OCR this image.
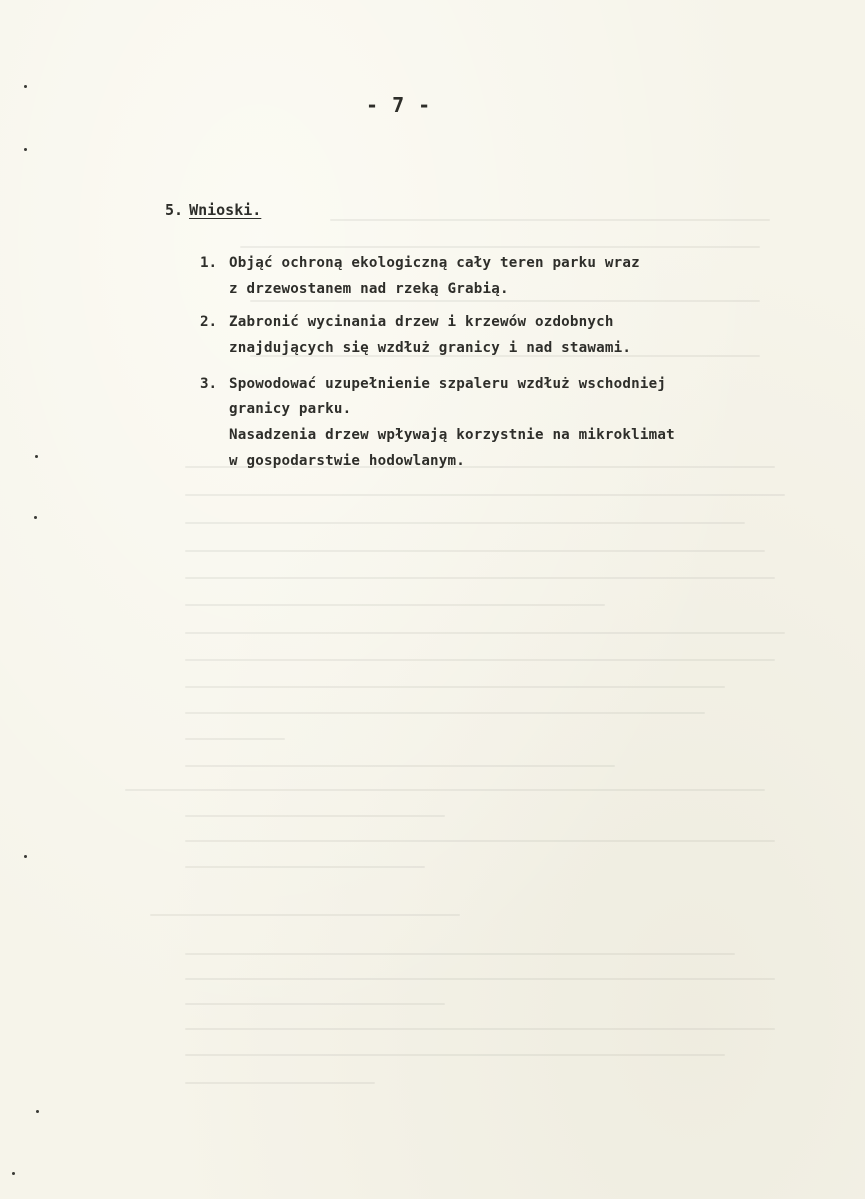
- 7 -
5. Wnioski.
1. Objąć ochroną ekologiczną cały teren parku wraz
z drzewostanem nad rzeką Grabią.
2. Zabronić wycinania drzew i krzewów ozdobnych
znajdujących się wzdłuż granicy i nad stawami.
3. Spowodować uzupełnienie szpaleru wzdłuż wschodniej
granicy parku.
Nasadzenia drzew wpływają korzystnie na mikroklimat
w gospodarstwie hodowlanym.
